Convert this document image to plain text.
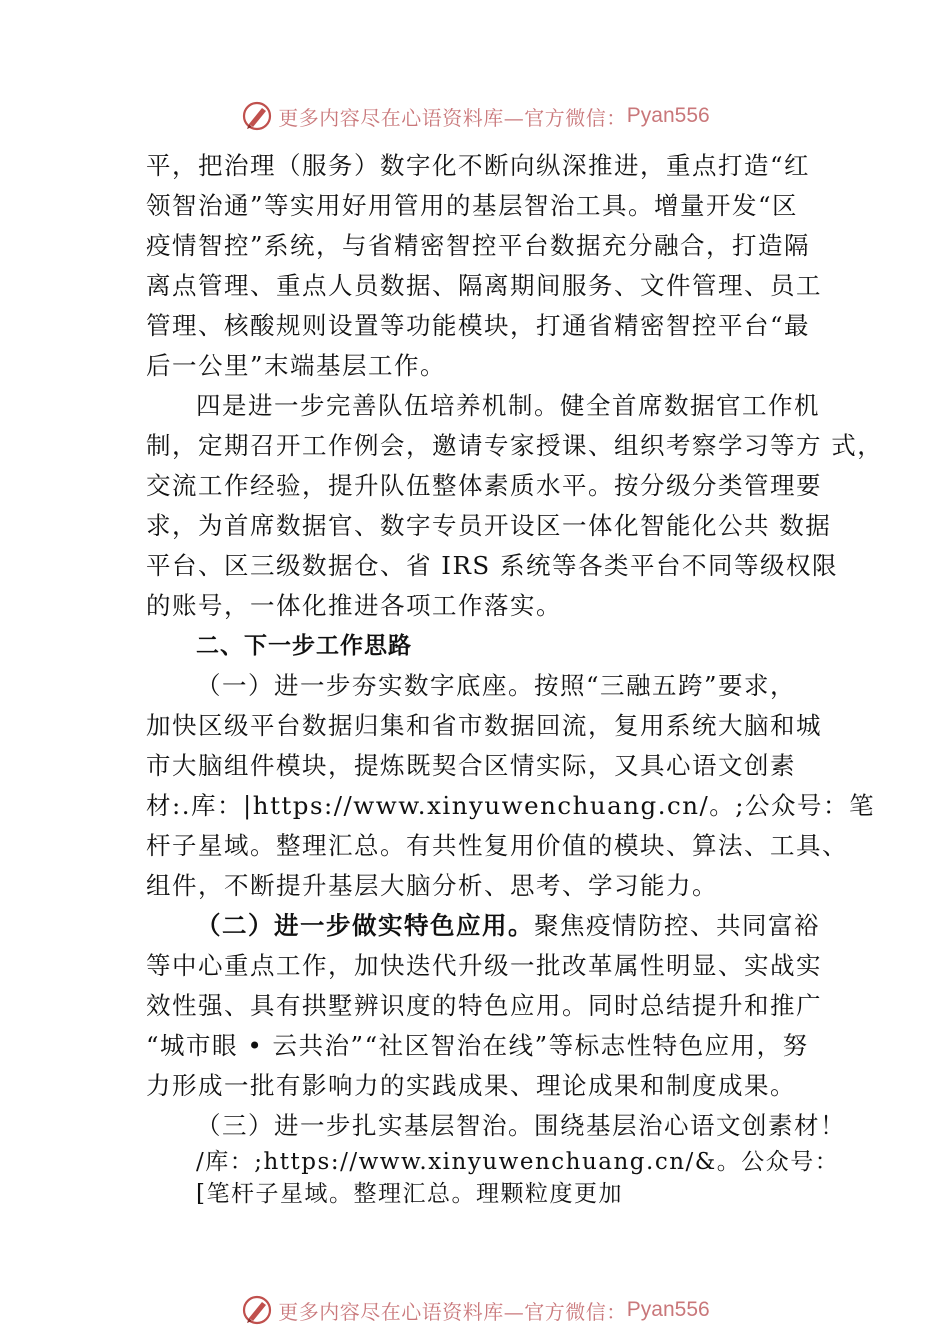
更多内容尽在心语资料库—官方微信： Pyan556
平，把治理（服务）数字化不断向纵深推进，重点打造“红
领智治通”等实用好用管用的基层智治工具。增量开发“区
疫情智控”系统，与省精密智控平台数据充分融合，打造隔
离点管理、重点人员数据、隔离期间服务、文件管理、员工
管理、核酸规则设置等功能模块，打通省精密智控平台“最
后一公里”末端基层工作。
四是进一步完善队伍培养机制。健全首席数据官工作机
制，定期召开工作例会，邀请专家授课、组织考察学习等方 式，
交流工作经验，提升队伍整体素质水平。按分级分类管理要
求，为首席数据官、数字专员开设区一体化智能化公共 数据
平台、区三级数据仓、省 IRS 系统等各类平台不同等级权限
的账号，一体化推进各项工作落实。
二、下一步工作思路
（一）进一步夯实数字底座。按照“三融五跨”要求，
加快区级平台数据归集和省市数据回流，复用系统大脑和城
市大脑组件模块，提炼既契合区情实际，又具心语文创素
材:.库：|https://www.xinyuwenchuang.cn/。;公众号：笔
杆子星域。整理汇总。有共性复用价值的模块、算法、工具、
组件，不断提升基层大脑分析、思考、学习能力。
（二）进一步做实特色应用。聚焦疫情防控、共同富裕
等中心重点工作，加快迭代升级一批改革属性明显、实战实
效性强、具有拱墅辨识度的特色应用。同时总结提升和推广
“城市眼 • 云共治”“社区智治在线”等标志性特色应用，努
力形成一批有影响力的实践成果、理论成果和制度成果。
（三）进一步扎实基层智治。围绕基层治心语文创素材！
/库：;https://www.xinyuwenchuang.cn/&。公众号：
[笔杆子星域。整理汇总。理颗粒度更加
更多内容尽在心语资料库—官方微信： Pyan556
